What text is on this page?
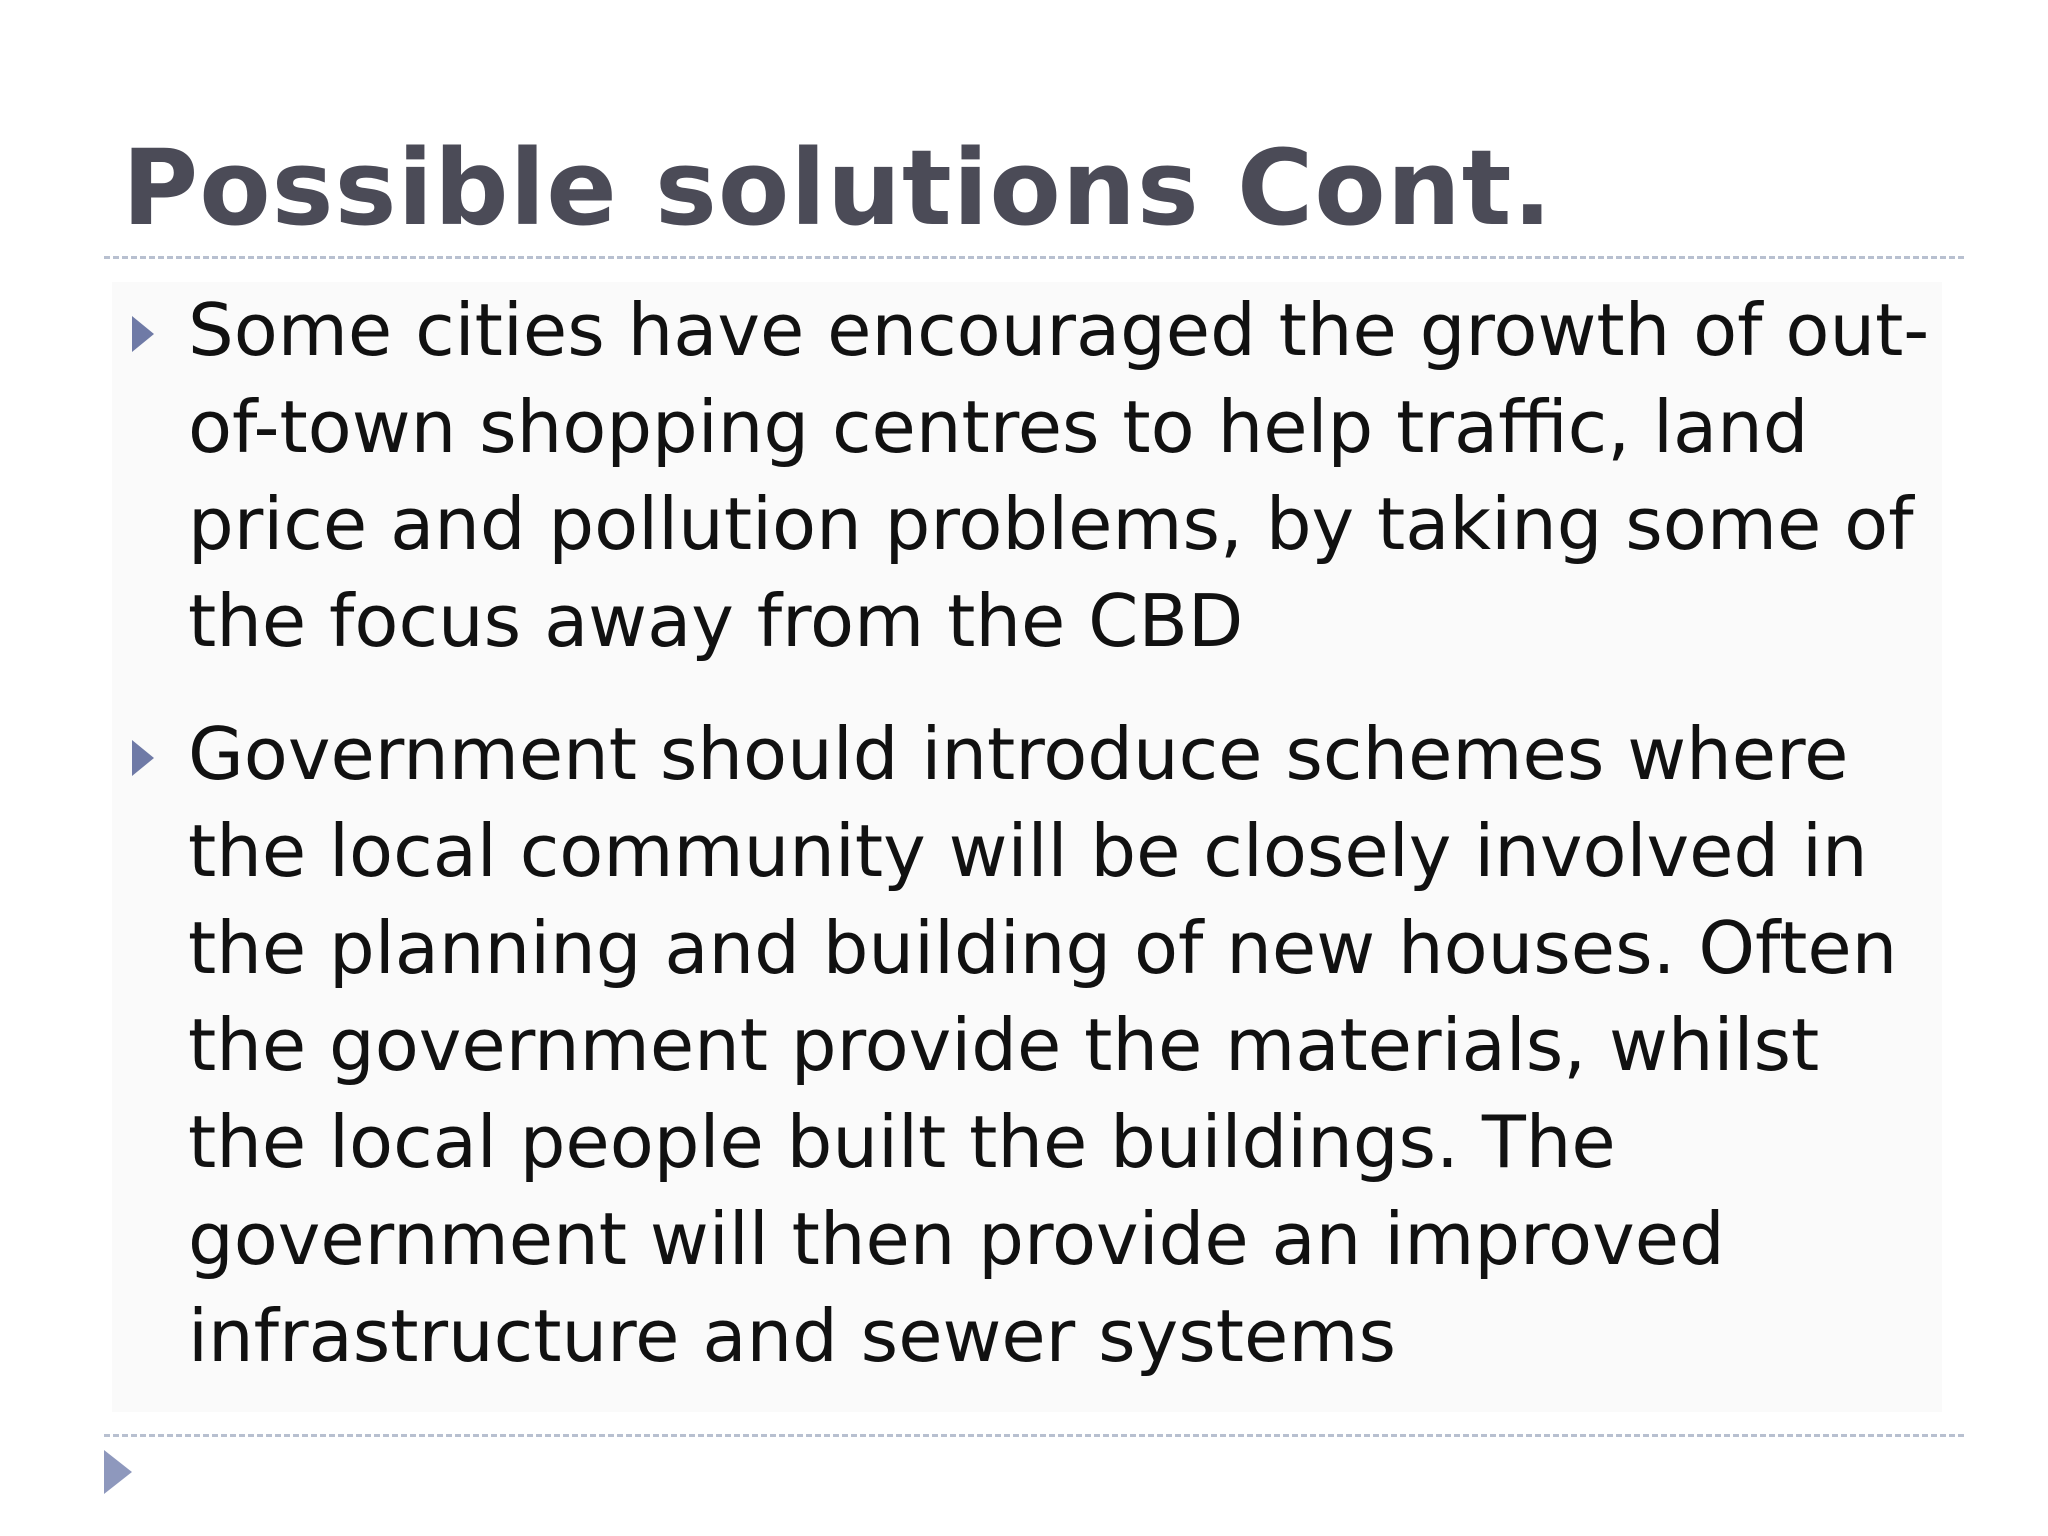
Possible solutions Cont.
Some cities have encouraged the growth of out-of-town shopping centres to help traffic, land price and pollution problems, by taking some of the focus away from the CBD
Government should introduce schemes where the local community will be closely involved in the planning and building of new houses. Often the government provide the materials, whilst the local people built the buildings. The government will then provide an improved infrastructure and sewer systems
